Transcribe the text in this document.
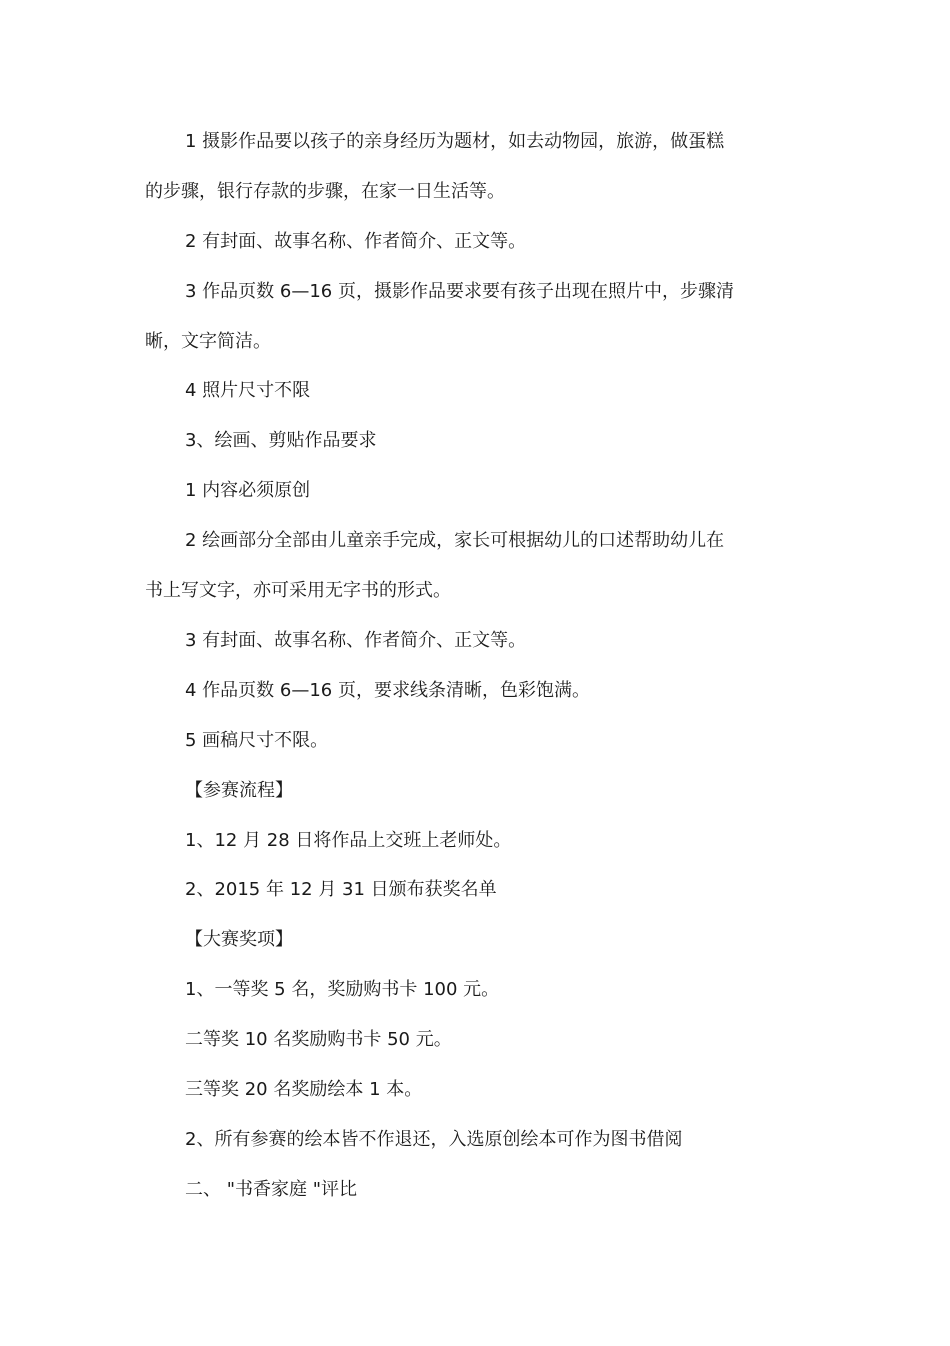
1 摄影作品要以孩子的亲身经历为题材，如去动物园，旅游，做蛋糕
的步骤，银行存款的步骤，在家一日生活等。
2 有封面、故事名称、作者简介、正文等。
3 作品页数 6—16 页，摄影作品要求要有孩子出现在照片中，步骤清
晰，文字简洁。
4 照片尺寸不限
3、绘画、剪贴作品要求
1 内容必须原创
2 绘画部分全部由儿童亲手完成，家长可根据幼儿的口述帮助幼儿在
书上写文字，亦可采用无字书的形式。
3 有封面、故事名称、作者简介、正文等。
4 作品页数 6—16 页，要求线条清晰，色彩饱满。
5 画稿尺寸不限。
【参赛流程】
1、12 月 28 日将作品上交班上老师处。
2、2015 年 12 月 31 日颁布获奖名单
【大赛奖项】
1、一等奖 5 名，奖励购书卡 100 元。
二等奖 10 名奖励购书卡 50 元。
三等奖 20 名奖励绘本 1 本。
2、所有参赛的绘本皆不作退还，入选原创绘本可作为图书借阅
二、 "书香家庭 "评比
